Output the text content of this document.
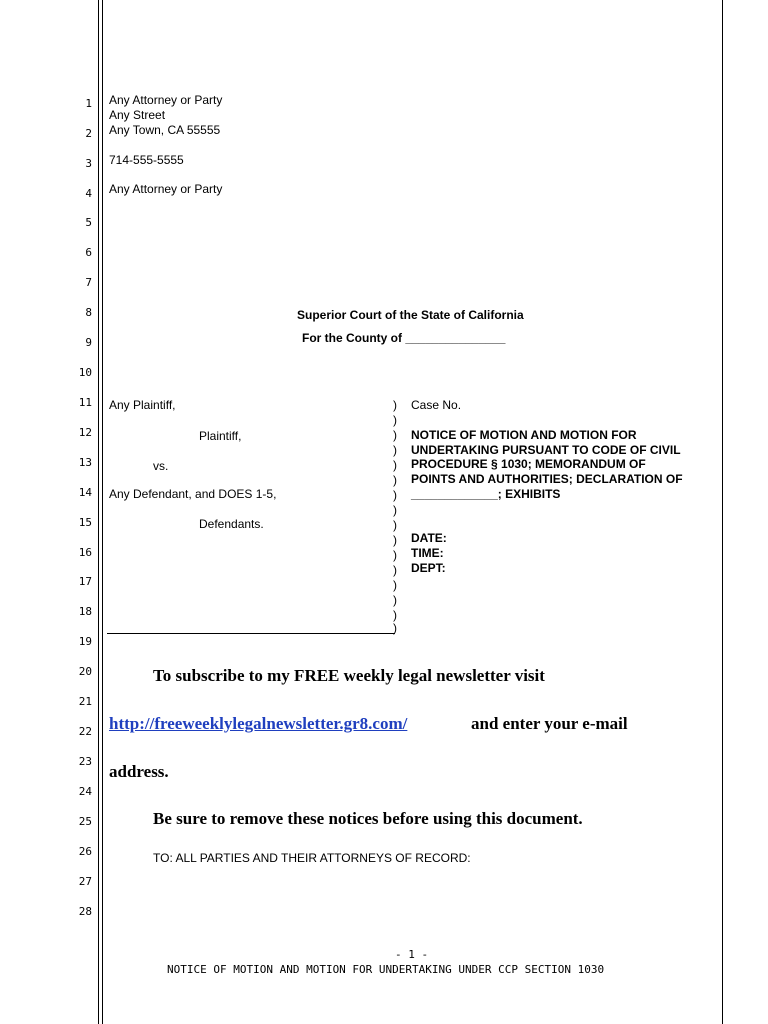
1
2
3
4
5
6
7
8
9
10
11
12
13
14
15
16
17
18
19
20
21
22
23
24
25
26
27
28
Any Attorney or Party
Any Street
Any Town, CA 55555
714-555-5555
Any Attorney or Party
Superior Court of the State of California
For the County of _______________
Any Plaintiff,
Plaintiff,
vs.
Any Defendant, and DOES 1-5,
Defendants.
)
)
)
)
)
)
)
)
)
)
)
)
)
)
)
)
Case No.
NOTICE OF MOTION AND MOTION FOR
UNDERTAKING PURSUANT TO CODE OF CIVIL
PROCEDURE § 1030; MEMORANDUM OF
POINTS AND AUTHORITIES; DECLARATION OF
_____________; EXHIBITS
DATE:
TIME:
DEPT:
To subscribe to my FREE weekly legal newsletter visit
http://freeweeklylegalnewsletter.gr8.com/	and enter your e-mail
address.
Be sure to remove these notices before using this document.
TO: ALL PARTIES AND THEIR ATTORNEYS OF RECORD:
- 1 -
NOTICE OF MOTION AND MOTION FOR UNDERTAKING UNDER CCP SECTION 1030
